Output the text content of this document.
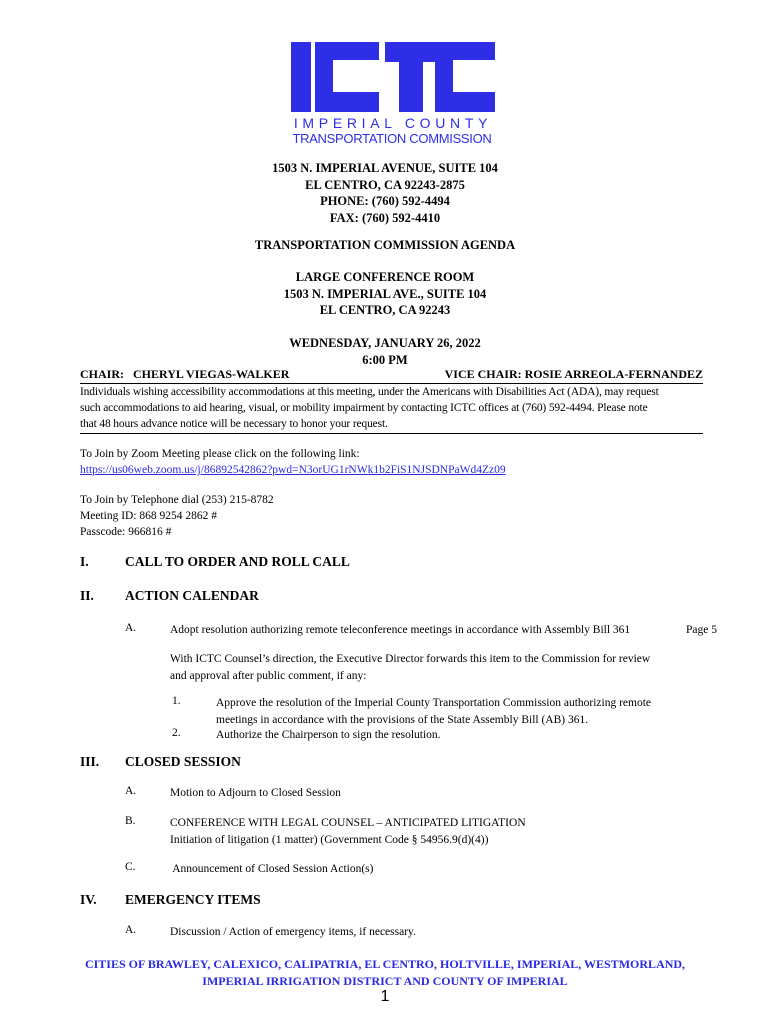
IMPERIAL COUNTY
TRANSPORTATION COMMISSION
1503 N. IMPERIAL AVENUE, SUITE 104
EL CENTRO, CA 92243-2875
PHONE: (760) 592-4494
FAX: (760) 592-4410
TRANSPORTATION COMMISSION AGENDA
LARGE CONFERENCE ROOM
1503 N. IMPERIAL AVE., SUITE 104
EL CENTRO, CA 92243
WEDNESDAY, JANUARY 26, 2022
6:00 PM
CHAIR:   CHERYL VIEGAS-WALKER	VICE CHAIR: ROSIE ARREOLA-FERNANDEZ
Individuals wishing accessibility accommodations at this meeting, under the Americans with Disabilities Act (ADA), may request
such accommodations to aid hearing, visual, or mobility impairment by contacting ICTC offices at (760) 592-4494. Please note
that 48 hours advance notice will be necessary to honor your request.
To Join by Zoom Meeting please click on the following link:
https://us06web.zoom.us/j/86892542862?pwd=N3orUG1rNWk1b2FiS1NJSDNPaWd4Zz09
To Join by Telephone dial (253) 215-8782
Meeting ID: 868 9254 2862 #
Passcode: 966816 #
I.	CALL TO ORDER AND ROLL CALL
II. ACTION CALENDAR
A.	Adopt resolution authorizing remote teleconference meetings in accordance with Assembly Bill 361	Page 5
With ICTC Counsel’s direction, the Executive Director forwards this item to the Commission for review
and approval after public comment, if any:
1.	Approve the resolution of the Imperial County Transportation Commission authorizing remote
meetings in accordance with the provisions of the State Assembly Bill (AB) 361.
2.	Authorize the Chairperson to sign the resolution.
III. CLOSED SESSION
A.	Motion to Adjourn to Closed Session
B.	CONFERENCE WITH LEGAL COUNSEL – ANTICIPATED LITIGATION
Initiation of litigation (1 matter) (Government Code § 54956.9(d)(4))
C.	Announcement of Closed Session Action(s)
IV. EMERGENCY ITEMS
A.	Discussion / Action of emergency items, if necessary.
CITIES OF BRAWLEY, CALEXICO, CALIPATRIA, EL CENTRO, HOLTVILLE, IMPERIAL, WESTMORLAND,
IMPERIAL IRRIGATION DISTRICT AND COUNTY OF IMPERIAL
1
